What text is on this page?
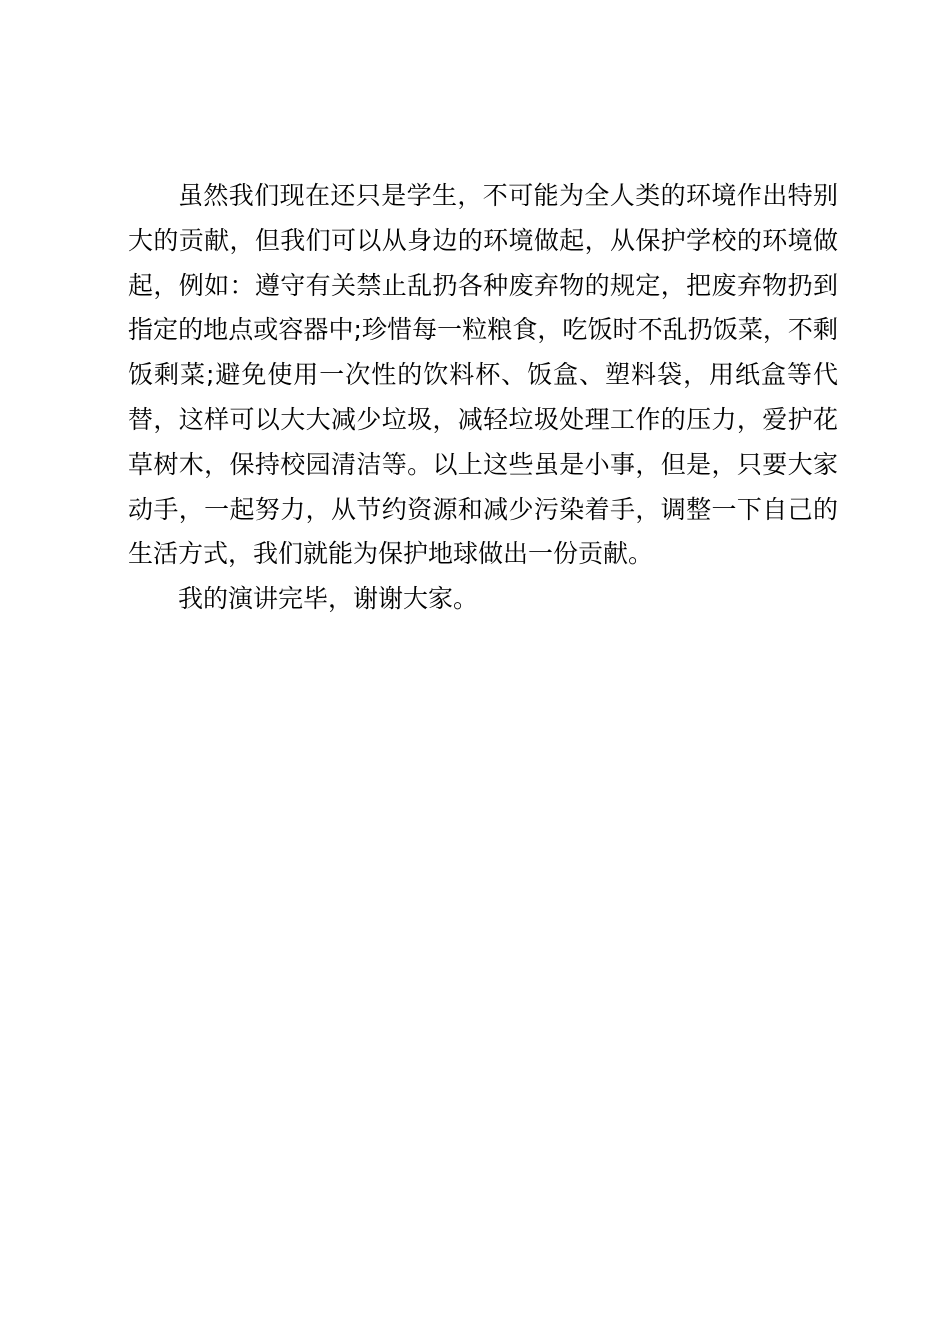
虽然我们现在还只是学生，不可能为全人类的环境作出特别大的贡献，但我们可以从身边的环境做起，从保护学校的环境做起，例如：遵守有关禁止乱扔各种废弃物的规定，把废弃物扔到指定的地点或容器中;珍惜每一粒粮食，吃饭时不乱扔饭菜，不剩饭剩菜;避免使用一次性的饮料杯、饭盒、塑料袋，用纸盒等代替，这样可以大大减少垃圾，减轻垃圾处理工作的压力，爱护花草树木，保持校园清洁等。以上这些虽是小事，但是，只要大家动手，一起努力，从节约资源和减少污染着手，调整一下自己的生活方式，我们就能为保护地球做出一份贡献。

我的演讲完毕，谢谢大家。
